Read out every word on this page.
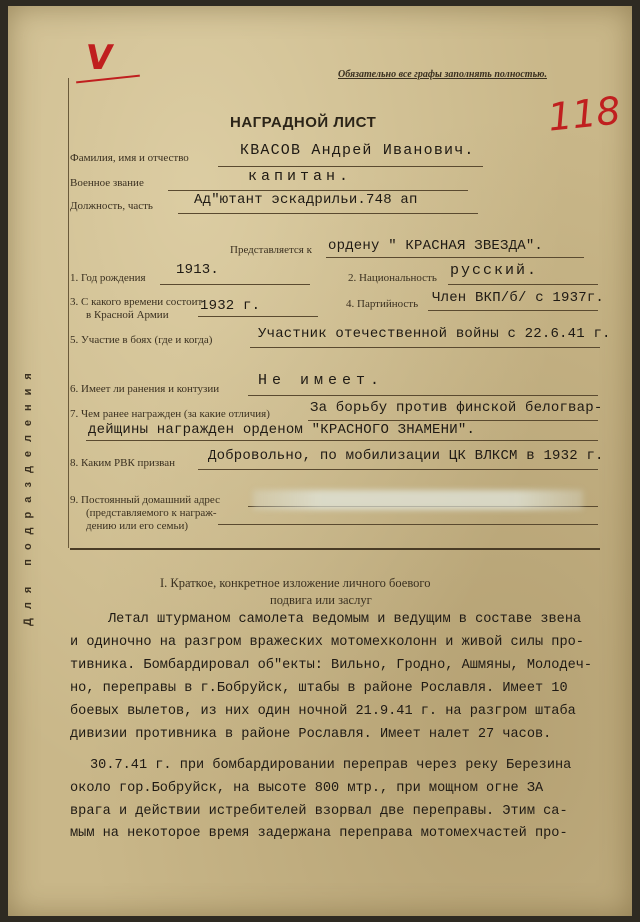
V
118
Обязательно все графы заполнять полностью.
НАГРАДНОЙ ЛИСТ
Для подразделения
Фамилия, имя и отчество	КВАСОВ Андрей Иванович.
Военное звание	капитан.
Должность, часть	Ад"ютант эскадрильи.748 ап
Представляется к ордену " КРАСНАЯ ЗВЕЗДА".
1. Год рождения 1913.	2. Национальность русский.
3. С какого времени состоит
в Красной Армии
1932 г.	4. Партийность Член ВКП/б/ с 1937г.
5. Участие в боях (где и когда)	Участник отечественной войны с 22.6.41 г.
6. Имеет ли ранения и контузии	Не имеет.
7. Чем ранее награжден (за какие отличия)	За борьбу против финской белогвар-
дейщины награжден орденом "КРАСНОГО ЗНАМЕНИ".
8. Каким РВК призван Добровольно, по мобилизации ЦК ВЛКСМ в 1932 г.
9. Постоянный домашний адрес
(представляемого к награж-
дению или его семьи)
I. Краткое, конкретное изложение личного боевого
подвига или заслуг
Летал штурманом самолета ведомым и ведущим в составе звена
и одиночно на разгром вражеских мотомехколонн и живой силы про-
тивника. Бомбардировал об"екты: Вильно, Гродно, Ашмяны, Молодеч-
но, переправы в г.Бобруйск, штабы в районе Рославля. Имеет 10
боевых вылетов, из них один ночной 21.9.41 г. на разгром штаба
дивизии противника в районе Рославля. Имеет налет 27 часов.
30.7.41 г. при бомбардировании переправ через реку Березина
около гор.Бобруйск, на высоте 800 мтр., при мощном огне ЗА
врага и действии истребителей взорвал две переправы. Этим са-
мым на некоторое время задержана переправа мотомехчастей про-
